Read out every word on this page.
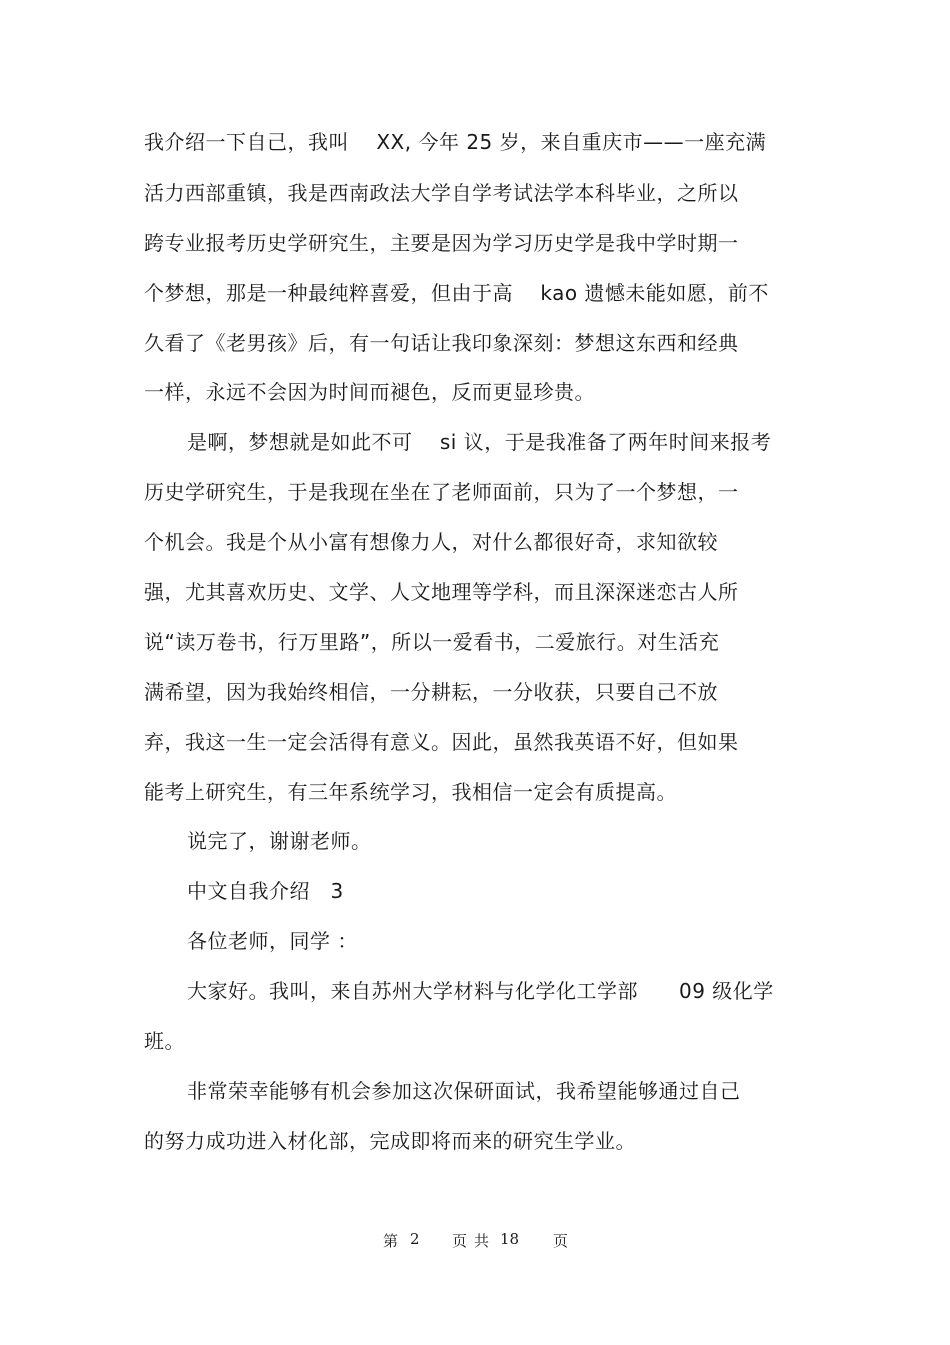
我介绍一下自己，我叫　 XX, 今年 25 岁，来自重庆市——一座充满
活力西部重镇，我是西南政法大学自学考试法学本科毕业，之所以
跨专业报考历史学研究生，主要是因为学习历史学是我中学时期一
个梦想，那是一种最纯粹喜爱，但由于高　 kao 遗憾未能如愿，前不
久看了《老男孩》后，有一句话让我印象深刻：梦想这东西和经典
一样，永远不会因为时间而褪色，反而更显珍贵。
是啊，梦想就是如此不可　 si 议，于是我准备了两年时间来报考
历史学研究生，于是我现在坐在了老师面前，只为了一个梦想，一
个机会。我是个从小富有想像力人，对什么都很好奇，求知欲较
强，尤其喜欢历史、文学、人文地理等学科，而且深深迷恋古人所
说“读万卷书，行万里路”，所以一爱看书，二爱旅行。对生活充
满希望，因为我始终相信，一分耕耘，一分收获，只要自己不放
弃，我这一生一定会活得有意义。因此，虽然我英语不好，但如果
能考上研究生，有三年系统学习，我相信一定会有质提高。
说完了，谢谢老师。
中文自我介绍　3
各位老师，同学 ：
大家好。我叫，来自苏州大学材料与化学化工学部　　09 级化学
班。
非常荣幸能够有机会参加这次保研面试，我希望能够通过自己
的努力成功进入材化部，完成即将而来的研究生学业。
第 2 页 共 18 页
